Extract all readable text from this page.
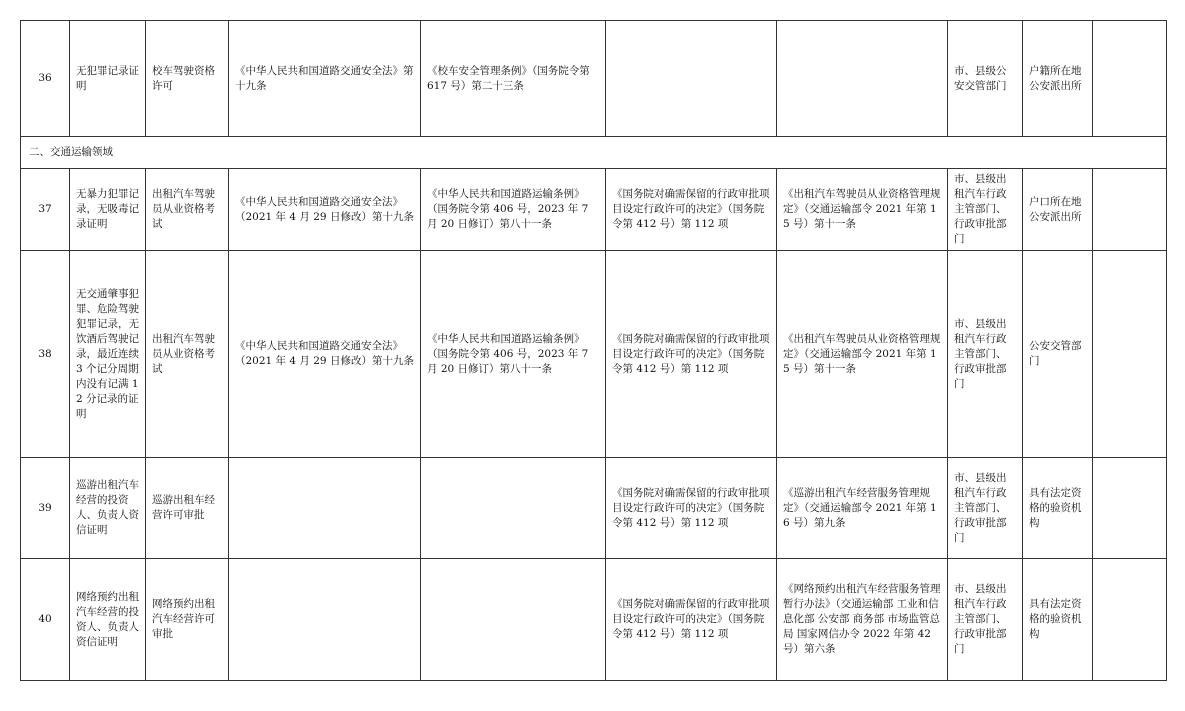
36	无犯罪记录证明	校车驾驶资格许可	《中华人民共和国道路交通安全法》第十九条	《校车安全管理条例》（国务院令第 617 号）第二十三条			市、县级公安交管部门	户籍所在地公安派出所	
二、交通运输领域									
37	无暴力犯罪记录，无吸毒记录证明	出租汽车驾驶员从业资格考试	《中华人民共和国道路交通安全法》（2021 年 4 月 29 日修改）第十九条	《中华人民共和国道路运输条例》（国务院令第 406 号，2023 年 7 月 20 日修订）第八十一条	《国务院对确需保留的行政审批项目设定行政许可的决定》（国务院令第 412 号）第 112 项	《出租汽车驾驶员从业资格管理规定》（交通运输部令 2021 年第 15 号）第十一条	市、县级出租汽车行政主管部门、行政审批部门	户口所在地公安派出所	
38	无交通肇事犯罪、危险驾驶犯罪记录，无饮酒后驾驶记录，最近连续 3 个记分周期内没有记满 12 分记录的证明	出租汽车驾驶员从业资格考试	《中华人民共和国道路交通安全法》（2021 年 4 月 29 日修改）第十九条	《中华人民共和国道路运输条例》（国务院令第 406 号，2023 年 7 月 20 日修订）第八十一条	《国务院对确需保留的行政审批项目设定行政许可的决定》（国务院令第 412 号）第 112 项	《出租汽车驾驶员从业资格管理规定》（交通运输部令 2021 年第 15 号）第十一条	市、县级出租汽车行政主管部门、行政审批部门	公安交管部门	
39	巡游出租汽车经营的投资人、负责人资信证明	巡游出租车经营许可审批			《国务院对确需保留的行政审批项目设定行政许可的决定》（国务院令第 412 号）第 112 项	《巡游出租汽车经营服务管理规定》（交通运输部令 2021 年第 16 号）第九条	市、县级出租汽车行政主管部门、行政审批部门	具有法定资格的验资机构	
40	网络预约出租汽车经营的投资人、负责人资信证明	网络预约出租汽车经营许可审批			《国务院对确需保留的行政审批项目设定行政许可的决定》（国务院令第 412 号）第 112 项	《网络预约出租汽车经营服务管理暂行办法》（交通运输部 工业和信息化部 公安部 商务部 市场监管总局 国家网信办令 2022 年第 42 号）第六条	市、县级出租汽车行政主管部门、行政审批部门	具有法定资格的验资机构	
